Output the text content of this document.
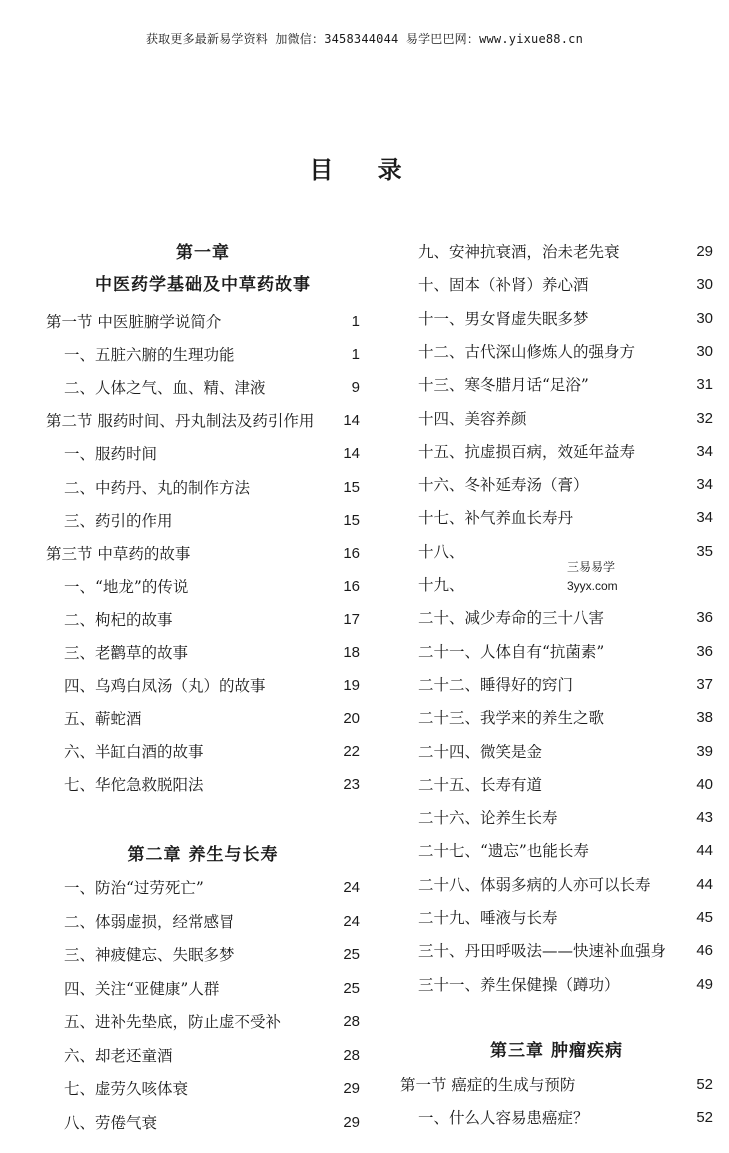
获取更多最新易学资料 加微信：3458344044 易学巴巴网：www.yixue88.cn
目 录
第一章
中医药学基础及中草药故事
第一节 中医脏腑学说简介	1
一、五脏六腑的生理功能	1
二、人体之气、血、精、津液	9
第二节 服药时间、丹丸制法及药引作用 14
一、服药时间	14
二、中药丹、丸的制作方法	15
三、药引的作用	15
第三节 中草药的故事	16
一、“地龙”的传说	16
二、枸杞的故事	17
三、老鹳草的故事	18
四、乌鸡白凤汤（丸）的故事	19
五、蕲蛇酒	20
六、半缸白酒的故事	22
七、华佗急救脱阳法	23
第二章 养生与长寿
一、防治“过劳死亡”	24
二、体弱虚损，经常感冒	24
三、神疲健忘、失眠多梦	25
四、关注“亚健康”人群	25
五、进补先垫底，防止虚不受补	28
六、却老还童酒	28
七、虚劳久咳体衰	29
八、劳倦气衰	29
九、安神抗衰酒，治未老先衰	29
十、固本（补肾）养心酒	30
十一、男女肾虚失眠多梦	30
十二、古代深山修炼人的强身方	30
十三、寒冬腊月话“足浴”	31
十四、美容养颜	32
十五、抗虚损百病，效延年益寿	34
十六、冬补延寿汤（膏）	34
十七、补气养血长寿丹	34
十八、	35
十九、
二十、减少寿命的三十八害	36
二十一、人体自有“抗菌素”	36
二十二、睡得好的窍门	37
二十三、我学来的养生之歌	38
二十四、微笑是金	39
二十五、长寿有道	40
二十六、论养生长寿	43
二十七、“遗忘”也能长寿	44
二十八、体弱多病的人亦可以长寿	44
二十九、唾液与长寿	45
三十、丹田呼吸法——快速补血强身 46
三十一、养生保健操（蹲功）	49
第三章 肿瘤疾病
第一节 癌症的生成与预防	52
一、什么人容易患癌症？	52
三易易学
3yyx.com
